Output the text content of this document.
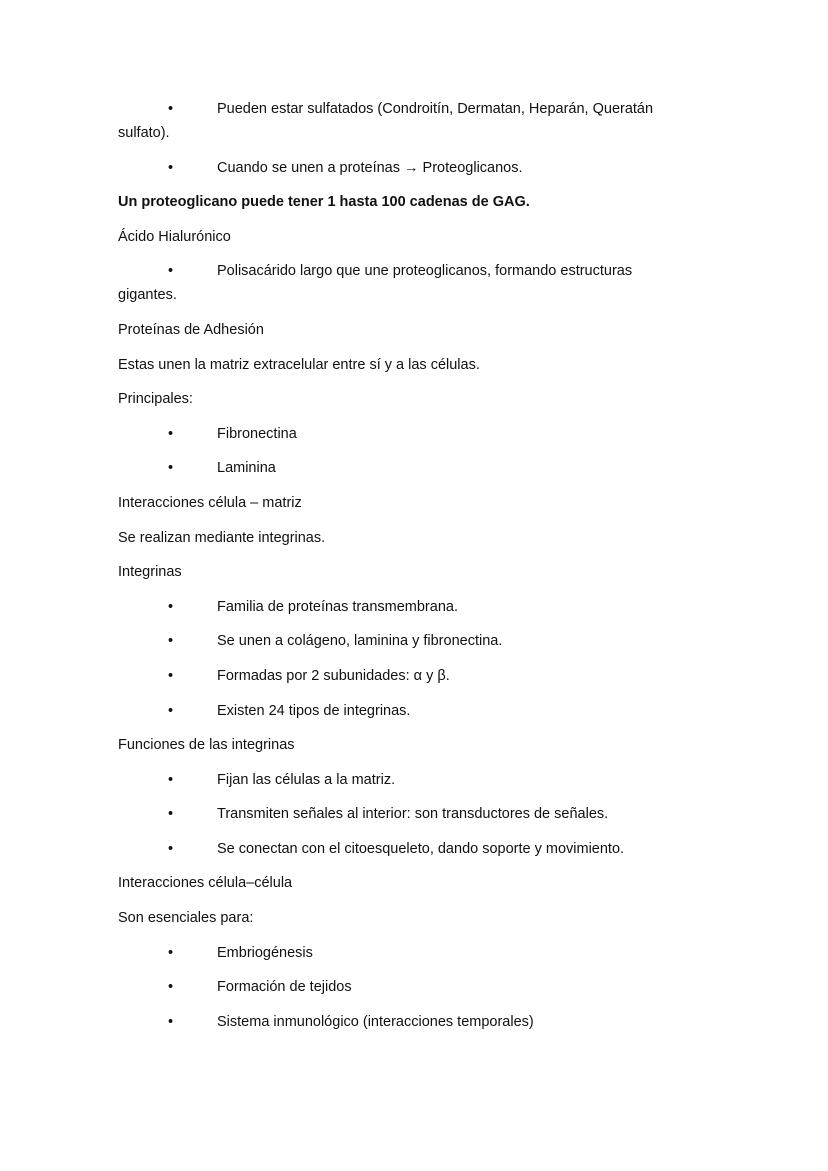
•	Pueden estar sulfatados (Condroitín, Dermatan, Heparán, Queratán
sulfato).
•	Cuando se unen a proteínas → Proteoglicanos.
Un proteoglicano puede tener 1 hasta 100 cadenas de GAG.
Ácido Hialurónico
•	Polisacárido largo que une proteoglicanos, formando estructuras
gigantes.
Proteínas de Adhesión
Estas unen la matriz extracelular entre sí y a las células.
Principales:
•	Fibronectina
•	Laminina
Interacciones célula – matriz
Se realizan mediante integrinas.
Integrinas
•	Familia de proteínas transmembrana.
•	Se unen a colágeno, laminina y fibronectina.
•	Formadas por 2 subunidades: α y β.
•	Existen 24 tipos de integrinas.
Funciones de las integrinas
•	Fijan las células a la matriz.
•	Transmiten señales al interior: son transductores de señales.
•	Se conectan con el citoesqueleto, dando soporte y movimiento.
Interacciones célula–célula
Son esenciales para:
•	Embriogénesis
•	Formación de tejidos
•	Sistema inmunológico (interacciones temporales)
